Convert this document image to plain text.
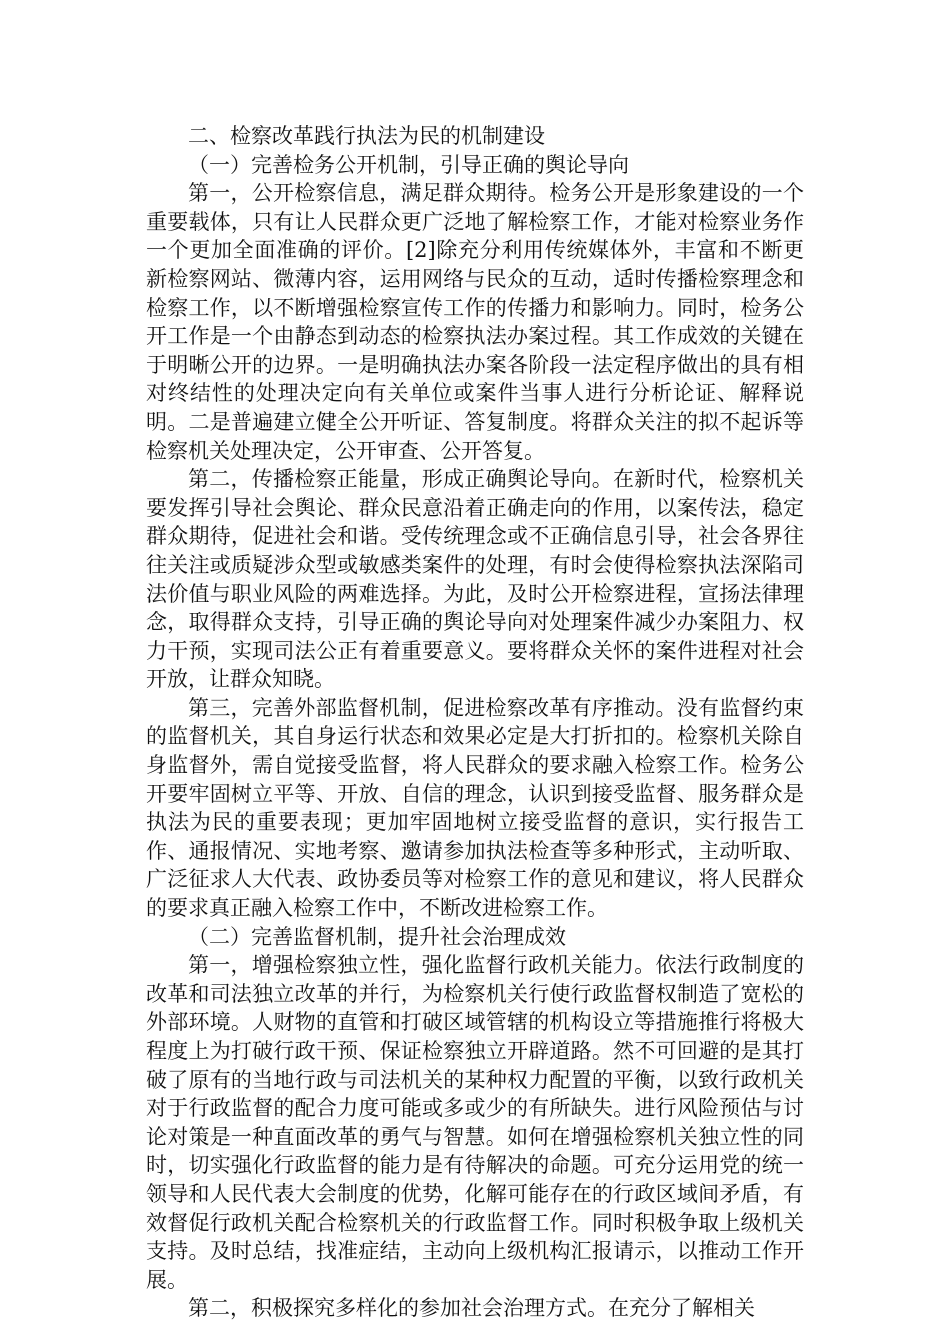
二、检察改革践行执法为民的机制建设

（一）完善检务公开机制，引导正确的舆论导向

第一，公开检察信息，满足群众期待。检务公开是形象建设的一个重要载体，只有让人民群众更广泛地了解检察工作，才能对检察业务作一个更加全面准确的评价。[2]除充分利用传统媒体外，丰富和不断更新检察网站、微薄内容，运用网络与民众的互动，适时传播检察理念和检察工作，以不断增强检察宣传工作的传播力和影响力。同时，检务公开工作是一个由静态到动态的检察执法办案过程。其工作成效的关键在于明晰公开的边界。一是明确执法办案各阶段一法定程序做出的具有相对终结性的处理决定向有关单位或案件当事人进行分析论证、解释说明。二是普遍建立健全公开听证、答复制度。将群众关注的拟不起诉等检察机关处理决定，公开审查、公开答复。

第二，传播检察正能量，形成正确舆论导向。在新时代，检察机关要发挥引导社会舆论、群众民意沿着正确走向的作用，以案传法，稳定群众期待，促进社会和谐。受传统理念或不正确信息引导，社会各界往往关注或质疑涉众型或敏感类案件的处理，有时会使得检察执法深陷司法价值与职业风险的两难选择。为此，及时公开检察进程，宣扬法律理念，取得群众支持，引导正确的舆论导向对处理案件减少办案阻力、权力干预，实现司法公正有着重要意义。要将群众关怀的案件进程对社会开放，让群众知晓。

第三，完善外部监督机制，促进检察改革有序推动。没有监督约束的监督机关，其自身运行状态和效果必定是大打折扣的。检察机关除自身监督外，需自觉接受监督，将人民群众的要求融入检察工作。检务公开要牢固树立平等、开放、自信的理念，认识到接受监督、服务群众是执法为民的重要表现；更加牢固地树立接受监督的意识，实行报告工作、通报情况、实地考察、邀请参加执法检查等多种形式，主动听取、广泛征求人大代表、政协委员等对检察工作的意见和建议，将人民群众的要求真正融入检察工作中，不断改进检察工作。

（二）完善监督机制，提升社会治理成效

第一，增强检察独立性，强化监督行政机关能力。依法行政制度的改革和司法独立改革的并行，为检察机关行使行政监督权制造了宽松的外部环境。人财物的直管和打破区域管辖的机构设立等措施推行将极大程度上为打破行政干预、保证检察独立开辟道路。然不可回避的是其打破了原有的当地行政与司法机关的某种权力配置的平衡，以致行政机关对于行政监督的配合力度可能或多或少的有所缺失。进行风险预估与讨论对策是一种直面改革的勇气与智慧。如何在增强检察机关独立性的同时，切实强化行政监督的能力是有待解决的命题。可充分运用党的统一领导和人民代表大会制度的优势，化解可能存在的行政区域间矛盾，有效督促行政机关配合检察机关的行政监督工作。同时积极争取上级机关支持。及时总结，找准症结，主动向上级机构汇报请示，以推动工作开展。

第二，积极探究多样化的参加社会治理方式。在充分了解相关
